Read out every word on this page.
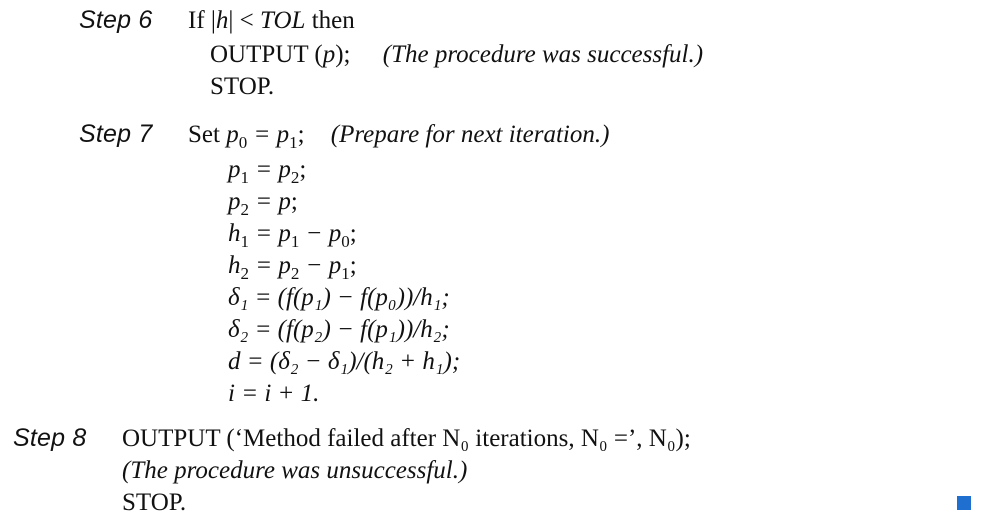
Step 6 If |h| < TOL then
OUTPUT (p); (The procedure was successful.)
STOP.
Step 7 Set $p_0 = p_1$; (Prepare for next iteration.)
$p_1 = p_2$;
$p_2 = p$;
$h_1 = p_1 - p_0$;
$h_2 = p_2 - p_1$;
δ₁ = (f(p₁) − f(p₀))/h₁;
δ₂ = (f(p₂) − f(p₁))/h₂;
d = (δ₂ − δ₁)/(h₂ + h₁);
i = i + 1.
Step 8 OUTPUT (‘Method failed after N₀ iterations, N₀ =’, N₀);
(The procedure was unsuccessful.)
STOP.
